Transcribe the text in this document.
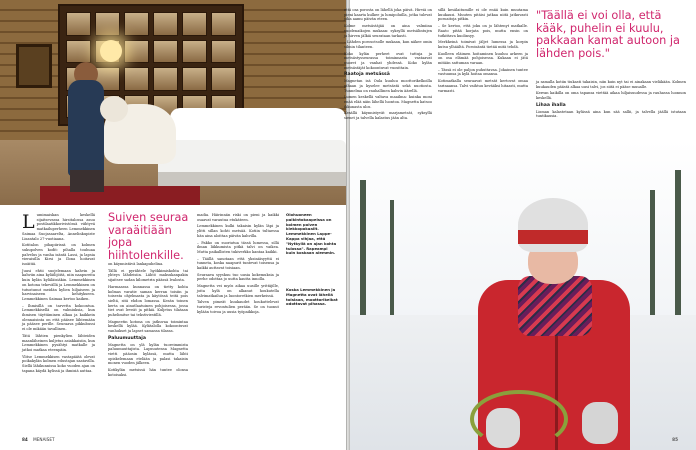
L umimaiskan keskellä sijaitsevassa hirsitalossa asuu postilaatikkorivistössä viihtyvä matkailuperheen Lemmekkinen Saimaa Suojasaarelta, Annelinkupiste Lisantalo 27-vuotiaana.

Kotitalon pihapiirissä on kolmen sukupolven kodit: pihalla touhuaa palvelus ja vanha isäntä Lassi, ja lapsia vieraisilla Kirsi ja Ilona hoitavat isoäitiä.

Juusi ehtii suojelemaan kahvin ja kahviin aina kyläilijöitä, niin naapureita kuin kylän kyläläisiäkin. Lemmekkinen on kotona tekevällä ja Lemmekkinen on tutustunut meidän kylien hiljaiseen ja harvinaiseen kehitykseen. Lemmekkinen Saimaa kertoo kaiken.

– Ihmisillä on tarvetta kokoontua. Lemmekkisellä on valmiuksia, kun ihmisen täyttäminen alkaa ja kaikkein olennaisinta on että pääsee lähtemään ja pääsee perille. Seuraava pikkubussi ei ole mikään tavallinen.

Tätä lähtien pienkylien lähteiden maanläheinen kuljetus asiakkaisiin, kun Lemmekkinen pysähtyi matkalle ja jatkoi matkaa eteenpäin.

Ylitse Lemmekkisen vastapäätä olevat poikakylän kolmen edustajan saatavilla. Siellä lähikunnissa koko vuoden ajan on tapana käydä kylissä ja ihmisiä auttaa.

Suiven seuraa varaäitiään jopa hiihtolenkille.

on käynnistävä lankapuhelina.

Tällä ei pyrähtele hyökkimiskohta tai yhteys lähdeisiin. Lähtö maksukanpakin sijaitsee sadan kilometrin päässä Ivalosta.

Harmaassa kunnassa on tietty kohta kolmas varatie saman kerran toisiin ja toisesta ohjelmasta ja käytössä teitä pois sieltä, sitä ehdon lomassa. Kesän toinen kerta on ainutlaatuinen pohjoisessa, jossa tiet ovat leveät ja pitkiä. Kuljetus tilataan puhelimitse tai tekstiviestillä.

Magneetin kotona on jatkuvaa toimintaa keskellä kylää. Kylätalolla kokoontuvat vanhukset ja lapset samassa tilassa.

Paluumuuttaja

Magnetta on ylä kylän tuoreimmista paluumuuttajista. Lapsuutensa Magnetta vietti pääosin kylässä, mutta lähti opiskelemaan etelään ja palasi takaisin monen vuoden jälkeen.

Kotikylän metsissä hän tuntee olonsa kotoisaksi.

madia. Häirinnän riski on pieni ja kaikki osaavat varautua etukäteen.

Lemmekkinen kulki takaisin kylän läpi ja ylitti sillan kohti metsää. Kotiin tultaessa hän aina aloittaa päivän kahvilla.

– Pakko on suoriutua tässä lumessa, sillä ilman liikkumista pitkä talvi on vaikea. Mutta paikallisten tukiverkko kantaa kaikki.

– Täällä sanotaan että yksinäisyyttä ei tunneta, koska naapurit tuntevat toisensa ja kaikki auttavat toisiaan.

Seuraava syyskuu tuo uusia kokemuksia ja perhe odottaa jo uutta kautta innolla.

Magnetta vei myös aikaa uusille yrittäjille, joita kylä on alkanut houkutella talvimatkailun ja luontoretkien merkeissä.

Talven pimeät kuukaudet houkuttelevat turisteja revontulien perään. Se on tuonut kylään toivoa ja uusia työpaikkoja.

Olohuoneen palkintokaapeissa on kolmen polven kiekkopokaalit. Lemmekkinen Lappe-Kappa vihjaa, että "Nytkyllä on ajan kohta tulossa". Rapeampi kuin koskaan aiemmin.
Koska Lemmekkinen ja Magnetta ovat lähellä toisiaan, moottorikelkat odottavat pihassa.
84 MENAISET

että osa porosta on lähellä joka päivä. Hirviä on pieni kaarta kulkee ja lumipoluilla, jotka tulevat joka aamu päivän eteen.

Kolme metsästäjää on aina valmiina vuodenaikojen mukaan: syksyllä metsälintujen ja hirven jälkiä seurataan tarkasti.

– Lähden porosotsolle mukaan, kun näkee omin silmin tilanteen.

Koko kylän perheet ovat tuttuja ja metsästysseurassa toiminnasta vastaavat nuoret ja vanhat yhdessä. Koko kylän metsästäjät kokoontuvat vuosittain.

Raatoja metsässä

Magnetan isä Oula kuuluu moottorikelkoilla pihaan ja kyselee metsästä sekä nuotiosta. Tunnelma on rauhallinen kahvin äärellä.

Lumen keskellä valtava maailma: kuinka moni enää elää näin lähellä luontoa. Magnetta katsoo ikkunasta ulos.

Kesällä käynnistyvät marjametsät, syksyllä sienet ja talvella kalastus jään alta.

sillä kesälaitumille ei ole enää kuin muutama kuukausi. Muuten pitäisi jatkaa niitä jatkuvasti poroaitoja pitkin.

– Se kertoo, että joku on jo lähtenyt matkalle. Raato pitää korjata pois, mutta ensin on tutkittava kuolinsyy.

Merkkeinä toimivat jäljet lumessa ja korpin kutsu ylhäältä. Poroisäntä tietää mitä tehdä.

Kuolleen eläimen hoitaminen kuuluu arkeen ja on osa elämää pohjoisessa. Kukaan ei jätä mitään sattuman varaan.

– Tässä ei ole paljon puhuttavaa. Jokainen tuntee vastuunsa ja kylä hoitaa omansa.

Kotimatkalla seuraavat metsät kertovat omaa tarinaansa. Talvi vaihtuu kevääksi hitaasti, mutta varmasti.

"Täällä ei voi olla, että kääk, puhelin ei kuulu, pakkaan kamat autoon ja lähden pois."

ja samalla kotiin tiukasti takaisin, niin kuin nyt tai ei ainakaan vieläkään. Kolmen kuukauden päästä alkaa uusi talvi, jos siitä ei pääse muualle.

Kerran kaikilla on oma tapansa viettää aikaa hiljaisuudessa ja rauhassa luonnon keskellä.

Lihaa ihalla

Lisman kalastetaan kylässä aina kun sää sallii, ja talvella jäällä istutaan tuntikausia.

85
